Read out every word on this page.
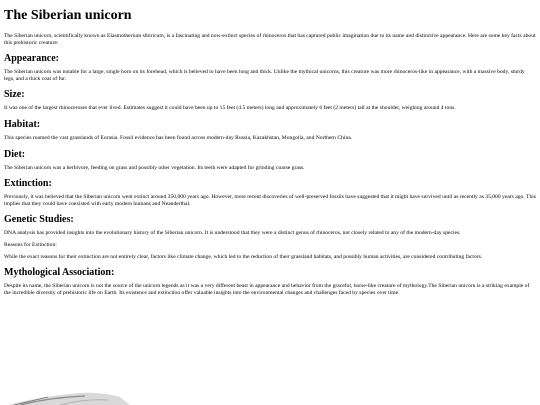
The Siberian unicorn

The Siberian unicorn, scientifically known as Elasmotherium sibiricum, is a fascinating and now-extinct species of rhinoceros that has captured public imagination due to its name and distinctive appearance. Here are some key facts about this prehistoric creature:

Appearance:

The Siberian unicorn was notable for a large, single horn on its forehead, which is believed to have been long and thick. Unlike the mythical unicorns, this creature was more rhinoceros-like in appearance, with a massive body, sturdy legs, and a thick coat of fur.

Size:

It was one of the largest rhinoceroses that ever lived. Estimates suggest it could have been up to 15 feet (4.5 meters) long and approximately 6 feet (2 meters) tall at the shoulder, weighing around 4 tons.

Habitat:

This species roamed the vast grasslands of Eurasia. Fossil evidence has been found across modern-day Russia, Kazakhstan, Mongolia, and Northern China.

Diet:

The Siberian unicorn was a herbivore, feeding on grass and possibly other vegetation. Its teeth were adapted for grinding coarse grass.

Extinction:

Previously, it was believed that the Siberian unicorn went extinct around 350,000 years ago. However, more recent discoveries of well-preserved fossils have suggested that it might have survived until as recently as 35,000 years ago. This implies that they could have coexisted with early modern humans and Neanderthal.

Genetic Studies:

DNA analysis has provided insights into the evolutionary history of the Siberian unicorn. It is understood that they were a distinct genus of rhinoceros, not closely related to any of the modern-day species.

Reasons for Extinction:

While the exact reasons for their extinction are not entirely clear, factors like climate change, which led to the reduction of their grassland habitats, and possibly human activities, are considered contributing factors.

Mythological Association:

Despite its name, the Siberian unicorn is not the source of the unicorn legends as it was a very different beast in appearance and behavior from the graceful, horse-like creature of mythology.The Siberian unicorn is a striking example of the incredible diversity of prehistoric life on Earth. Its existence and extinction offer valuable insights into the environmental changes and challenges faced by species over time.
